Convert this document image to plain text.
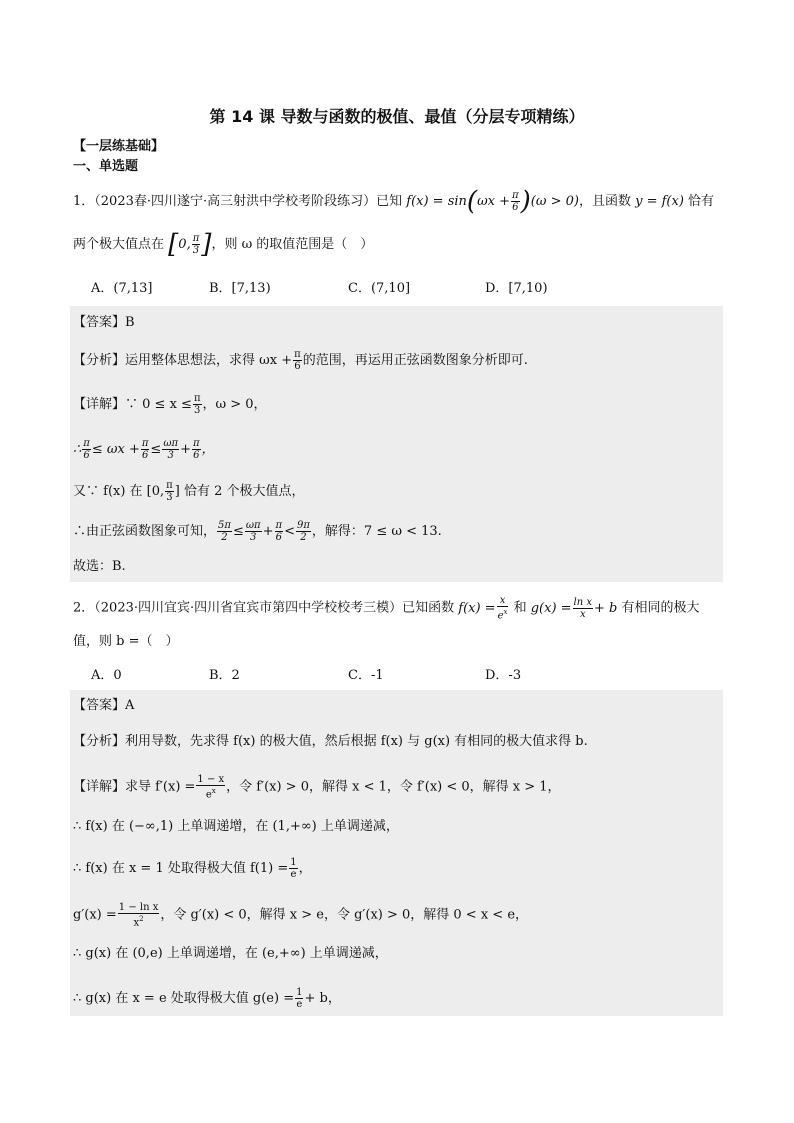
第 14 课 导数与函数的极值、最值（分层专项精练）
【一层练基础】
一、单选题
1．（2023春·四川遂宁·高三射洪中学校考阶段练习）已知 $f(x) = \sin(\omega x + \frac{\pi}{6} )(\omega > 0)$，且函数 y = f(x) 恰有
两个极大值点在 [0, $\frac{\pi}{3}$ ]，则 ω 的取值范围是（　）
A．(7,13]	B．[7,13)	C．(7,10]	D．[7,10)
【答案】B
【分析】运用整体思想法，求得 $\omega x + \frac{\pi}{6}$ 的范围，再运用正弦函数图象分析即可.
【详解】∵ $0 \le x \le \frac{\pi}{3}$ ，ω > 0，
∴ $\frac{\pi}{6} \le \omega x + \frac{\pi}{6} \le \frac{\omega\pi}{3} + \frac{\pi}{6}$ ，
又∵ f(x) 在 [0, $\frac{\pi}{3}$ ] 恰有 2 个极大值点，
∴由正弦函数图象可知， $\frac{5\pi}{2} \le \frac{\omega\pi}{3} + \frac{\pi}{6} < \frac{9\pi}{2}$ ，解得：7 ≤ ω < 13.
故选：B.
2．（2023·四川宜宾·四川省宜宾市第四中学校校考三模）已知函数 $f(x) = \frac{x}{e^x}$ 和 $g(x) = \frac{\text{ln x}}{x} + b$ 有相同的极大
值，则 b =（　）
A．0	B．2	C．-1	D．-3
【答案】A
【分析】利用导数，先求得 f(x) 的极大值，然后根据 f(x) 与 g(x) 有相同的极大值求得 b.
【详解】求导 $f'(x) = \frac{1 - x}{e^x}$ ，令 f′(x) > 0，解得 x < 1，令 f′(x) < 0，解得 x > 1，
∴ f(x) 在 (−∞,1) 上单调递增，在 (1,+∞) 上单调递减，
∴ f(x) 在 x = 1 处取得极大值 $f(1) = \frac{1}{e}$ ，
$g'(x) = \frac{\text{1 − ln x}}{x^2}$ ，令 g′(x) < 0，解得 x > e，令 g′(x) > 0，解得 0 < x < e，
∴ g(x) 在 (0,e) 上单调递增，在 (e,+∞) 上单调递减，
∴ g(x) 在 x = e 处取得极大值 $g(e) = \frac{1}{e} + b$，
